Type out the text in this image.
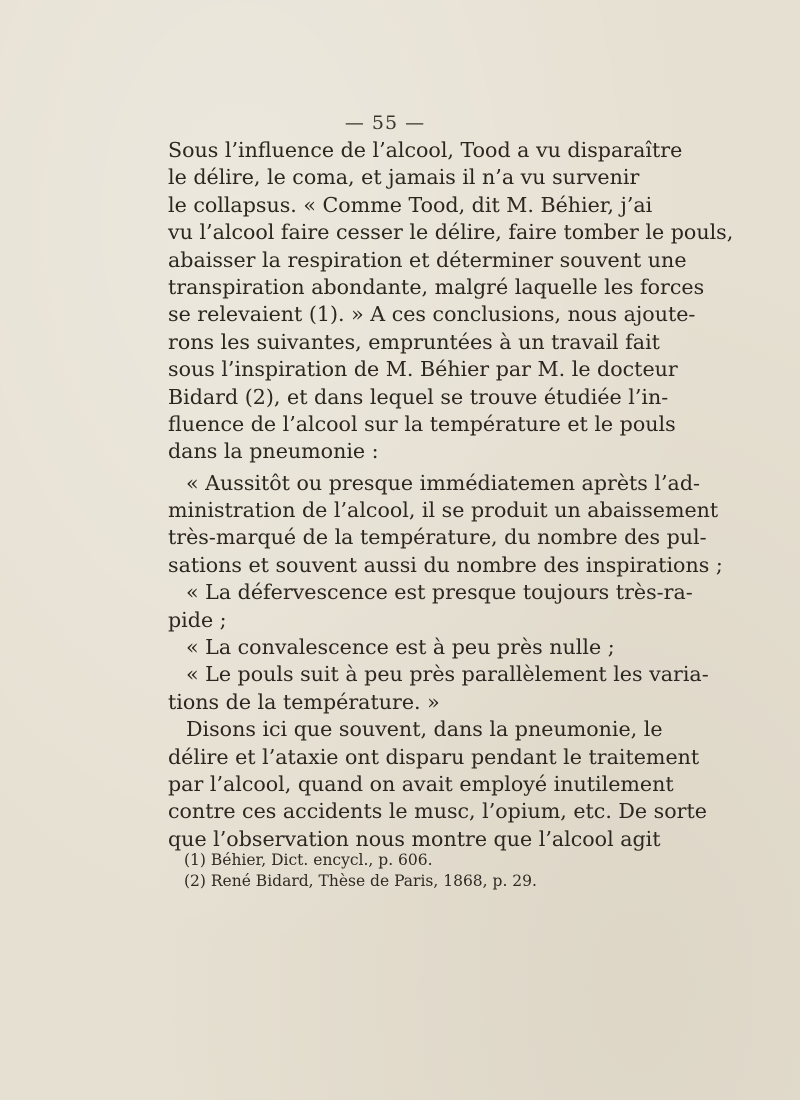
— 55 —
Sous l’influence de l’alcool, Tood a vu disparaître
le délire, le coma, et jamais il n’a vu survenir
le collapsus. « Comme Tood, dit M. Béhier, j’ai
vu l’alcool faire cesser le délire, faire tomber le pouls,
abaisser la respiration et déterminer souvent une
transpiration abondante, malgré laquelle les forces
se relevaient (1). » A ces conclusions, nous ajoute-
rons les suivantes, empruntées à un travail fait
sous l’inspiration de M. Béhier par M. le docteur
Bidard (2), et dans lequel se trouve étudiée l’in-
fluence de l’alcool sur la température et le pouls
dans la pneumonie :
« Aussitôt ou presque immédiatemen aprèts l’ad-
ministration de l’alcool, il se produit un abaissement
très-marqué de la température, du nombre des pul-
sations et souvent aussi du nombre des inspirations ;
« La défervescence est presque toujours très-ra-
pide ;
« La convalescence est à peu près nulle ;
« Le pouls suit à peu près parallèlement les varia-
tions de la température. »
Disons ici que souvent, dans la pneumonie, le
délire et l’ataxie ont disparu pendant le traitement
par l’alcool, quand on avait employé inutilement
contre ces accidents le musc, l’opium, etc. De sorte
que l’observation nous montre que l’alcool agit
(1) Béhier, Dict. encycl., p. 606.
(2) René Bidard, Thèse de Paris, 1868, p. 29.
